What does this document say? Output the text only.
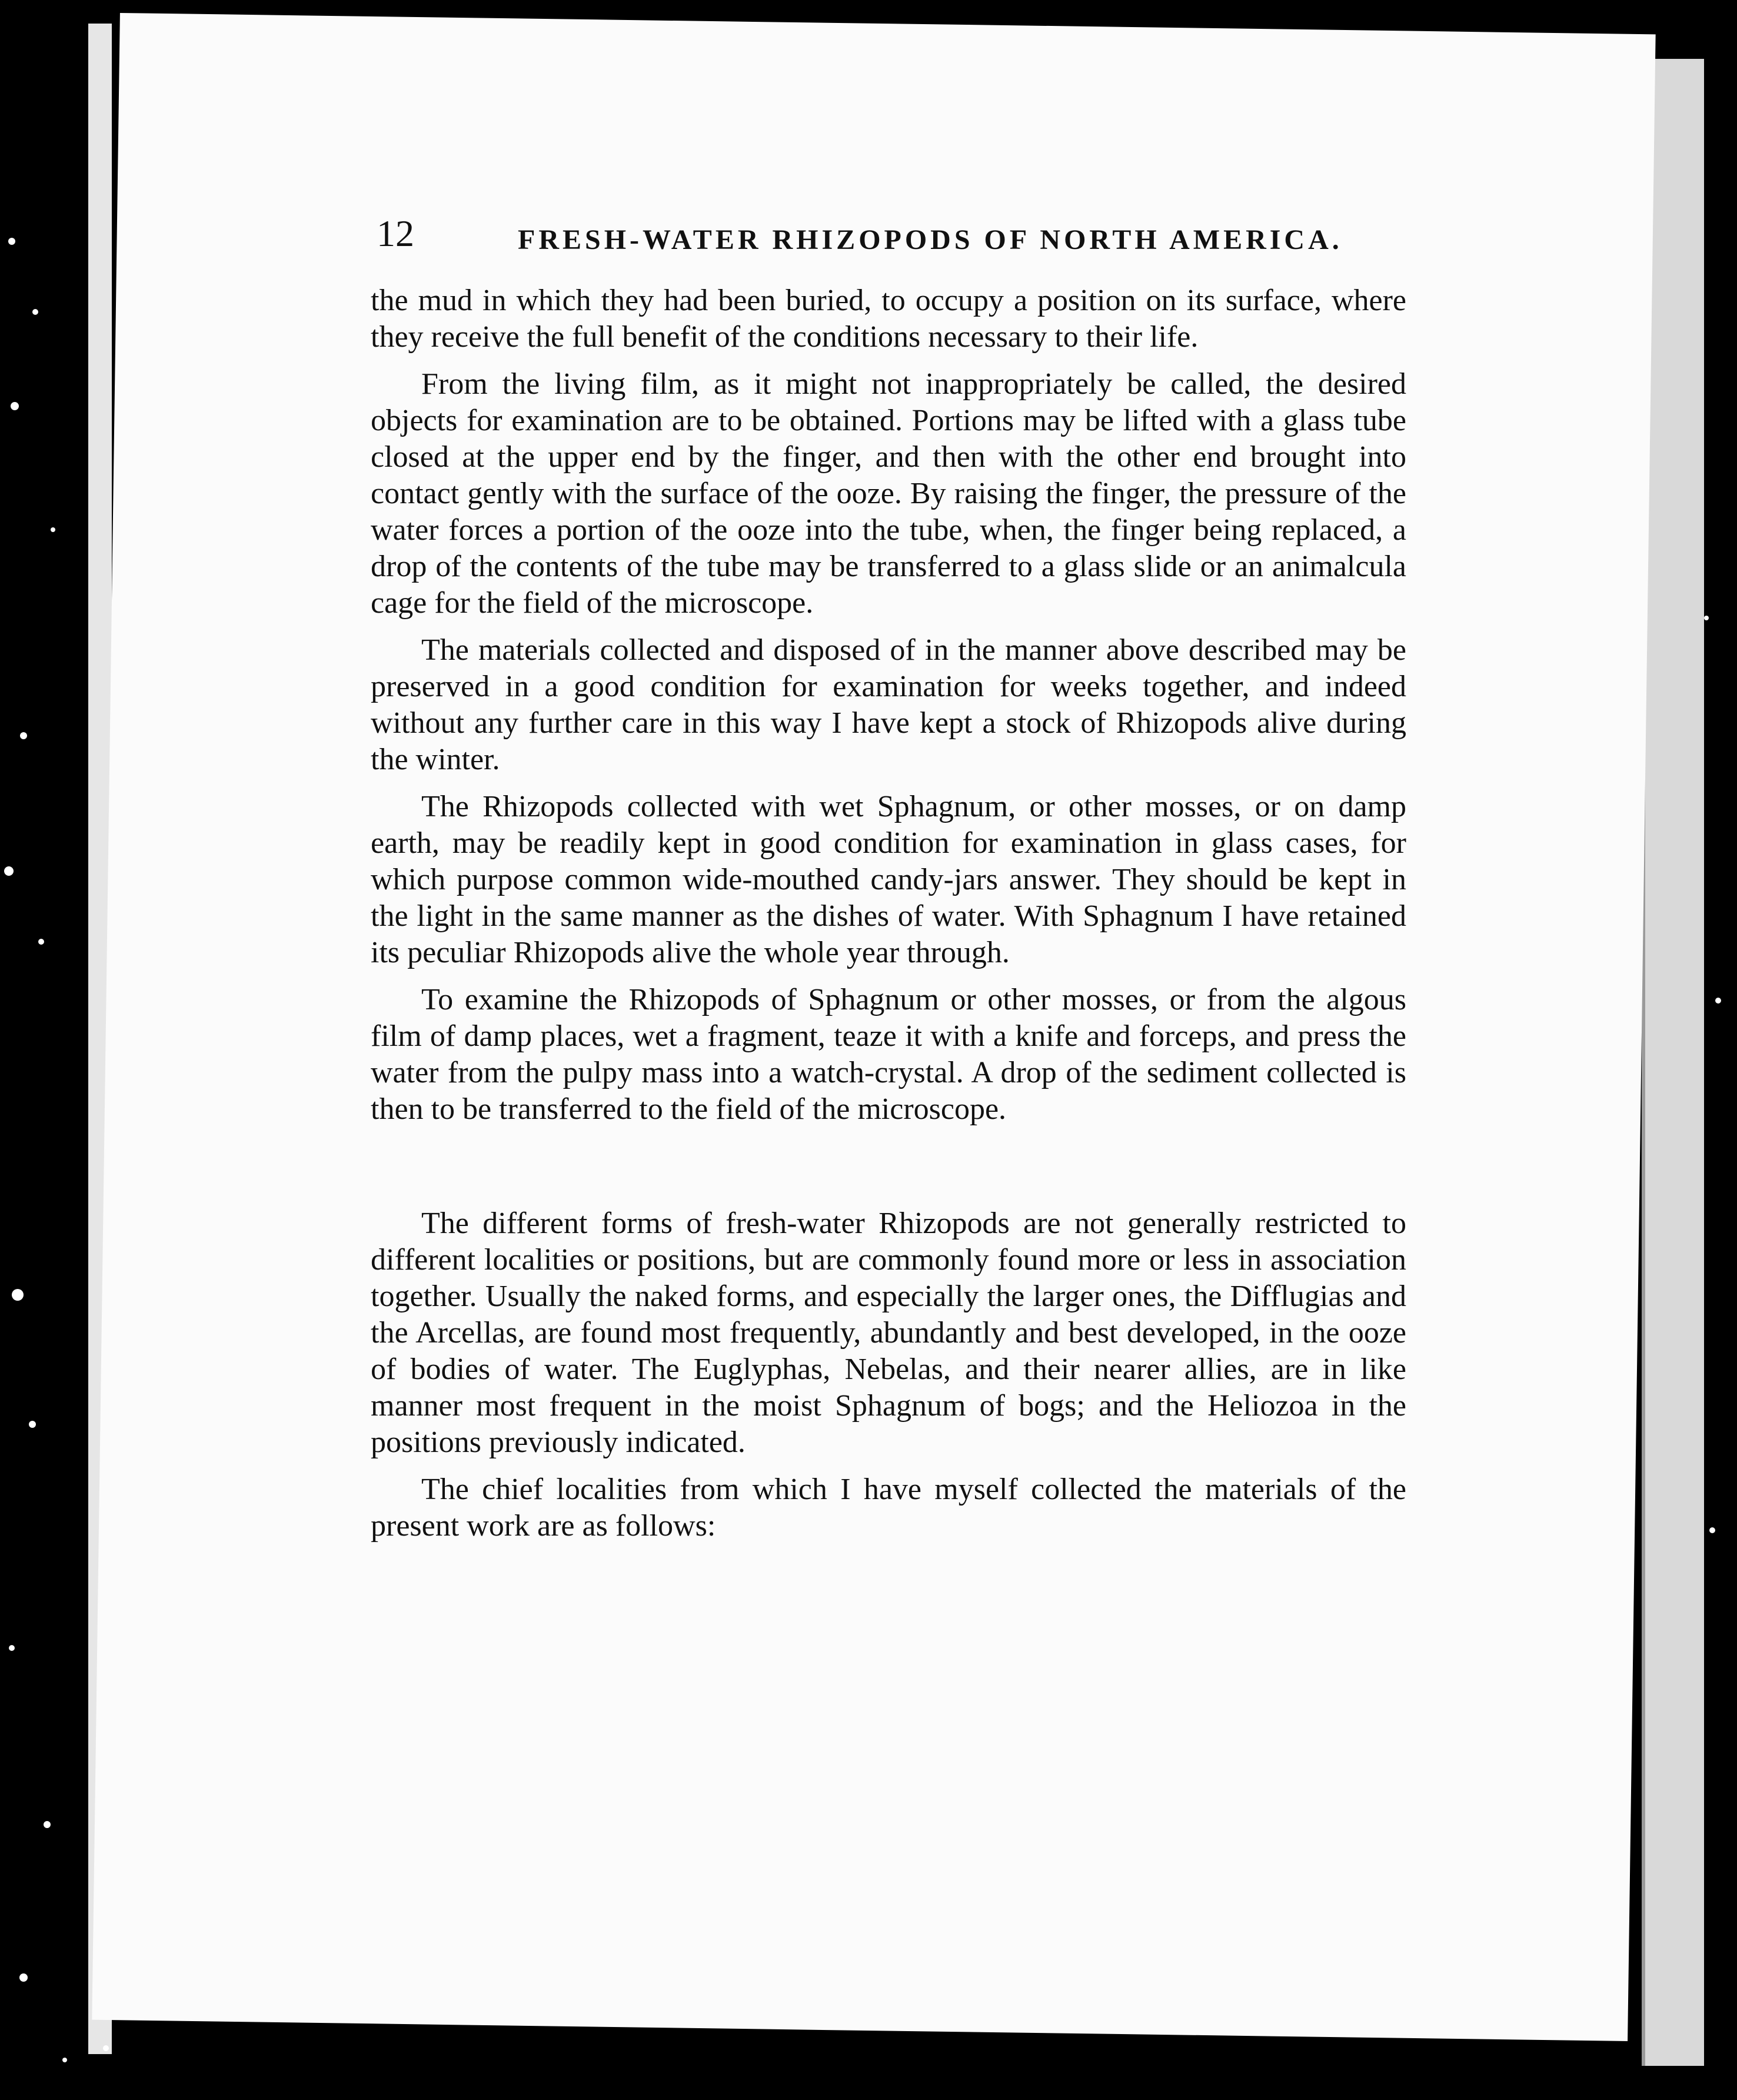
12	FRESH-WATER RHIZOPODS OF NORTH AMERICA.

the mud in which they had been buried, to occupy a position on its surface, where they receive the full benefit of the conditions necessary to their life.

From the living film, as it might not inappropriately be called, the desired objects for examination are to be obtained. Portions may be lifted with a glass tube closed at the upper end by the finger, and then with the other end brought into contact gently with the surface of the ooze. By raising the finger, the pressure of the water forces a portion of the ooze into the tube, when, the finger being replaced, a drop of the contents of the tube may be transferred to a glass slide or an animalcula cage for the field of the microscope.

The materials collected and disposed of in the manner above described may be preserved in a good condition for examination for weeks together, and indeed without any further care in this way I have kept a stock of Rhizopods alive during the winter.

The Rhizopods collected with wet Sphagnum, or other mosses, or on damp earth, may be readily kept in good condition for examination in glass cases, for which purpose common wide-mouthed candy-jars answer. They should be kept in the light in the same manner as the dishes of water. With Sphagnum I have retained its peculiar Rhizopods alive the whole year through.

To examine the Rhizopods of Sphagnum or other mosses, or from the algous film of damp places, wet a fragment, teaze it with a knife and forceps, and press the water from the pulpy mass into a watch-crystal. A drop of the sediment collected is then to be transferred to the field of the microscope.

The different forms of fresh-water Rhizopods are not generally restricted to different localities or positions, but are commonly found more or less in association together. Usually the naked forms, and especially the larger ones, the Difflugias and the Arcellas, are found most frequently, abundantly and best developed, in the ooze of bodies of water. The Euglyphas, Nebelas, and their nearer allies, are in like manner most frequent in the moist Sphagnum of bogs; and the Heliozoa in the positions previously indicated.

The chief localities from which I have myself collected the materials of the present work are as follows:
